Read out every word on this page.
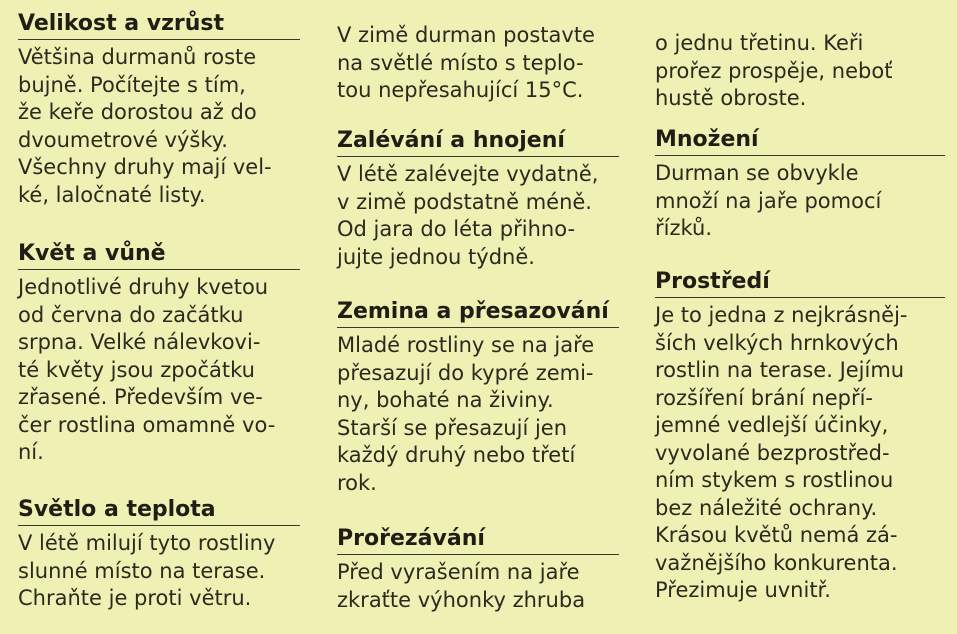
Velikost a vzrůst
Většina durmanů roste
bujně. Počítejte s tím,
že keře dorostou až do
dvoumetrové výšky.
Všechny druhy mají vel-
ké, laločnaté listy.
Květ a vůně
Jednotlivé druhy kvetou
od června do začátku
srpna. Velké nálevkovi-
té květy jsou zpočátku
zřasené. Především ve-
čer rostlina omamně vo-
ní.
Světlo a teplota
V létě milují tyto rostliny
slunné místo na terase.
Chraňte je proti větru.
V zimě durman postavte
na světlé místo s teplo-
tou nepřesahující 15°C.
Zalévání a hnojení
V létě zalévejte vydatně,
v zimě podstatně méně.
Od jara do léta přihno-
jujte jednou týdně.
Zemina a přesazování
Mladé rostliny se na jaře
přesazují do kypré zemi-
ny, bohaté na živiny.
Starší se přesazují jen
každý druhý nebo třetí
rok.
Prořezávání
Před vyrašením na jaře
zkraťte výhonky zhruba
o jednu třetinu. Keři
prořez prospěje, neboť
hustě obroste.
Množení
Durman se obvykle
množí na jaře pomocí
řízků.
Prostředí
Je to jedna z nejkrásněj-
ších velkých hrnkových
rostlin na terase. Jejímu
rozšíření brání nepří-
jemné vedlejší účinky,
vyvolané bezprostřed-
ním stykem s rostlinou
bez náležité ochrany.
Krásou květů nemá zá-
važnějšího konkurenta.
Přezimuje uvnitř.
